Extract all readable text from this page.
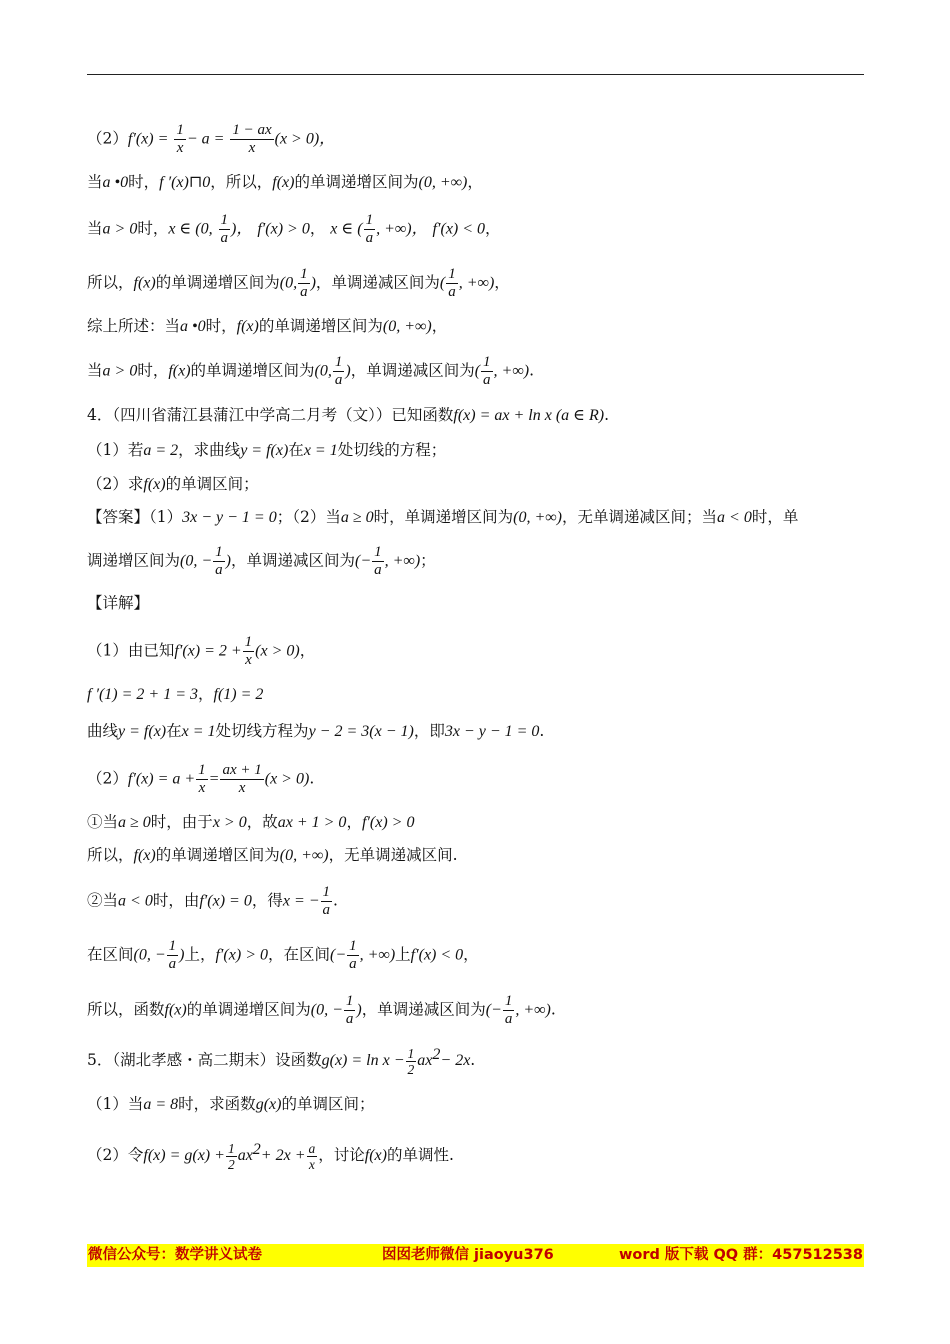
$(2)f'(x) = \frac{1}{x} - a = \frac{1 - ax}{x} (x > 0)$，
当a •0时，f ′(x)⊓0，所以，f(x)的单调递增区间为(0, +∞)，
当a > 0时，x ∈ (0, $\frac{1}{a}$ )， f′(x) > 0， x ∈ ( $\frac{1}{a}$ , +∞)， f′(x) < 0，
所以，f(x)的单调递增区间为(0, $\frac{1}{a}$ )，单调递减区间为( $\frac{1}{a}$ , +∞)，
综上所述：当a •0时，f(x)的单调递增区间为(0, +∞)，
当a > 0时，f(x)的单调递增区间为(0, $\frac{1}{a}$ )，单调递减区间为( $\frac{1}{a}$ , +∞).
4．（四川省蒲江县蒲江中学高二月考（文））已知函数f(x) = ax + ln x (a ∈ R).
（1）若a = 2，求曲线y = f(x)在x = 1处切线的方程；
（2）求f(x)的单调区间；
【答案】（1）3x − y − 1 = 0；（2）当a ≥ 0时，单调递增区间为(0, +∞)，无单调递减区间；当a < 0时，单
调递增区间为(0, − $\frac{1}{a}$ )，单调递减区间为(− $\frac{1}{a}$ , +∞)；
【详解】
（1）由已知$f'(x) = 2 + \frac{1}{x} (x > 0)$，
f ′(1) = 2 + 1 = 3，f(1) = 2
曲线y = f(x)在x = 1处切线方程为y − 2 = 3(x − 1)，即3x − y − 1 = 0.
$(2)f'(x) = a + \frac{1}{x} = \frac{ax + 1}{x} (x > 0)$.
①当a ≥ 0时，由于x > 0，故ax + 1 > 0，f′(x) > 0
所以，f(x)的单调递增区间为(0, +∞)，无单调递减区间.
②当a < 0时，由f′(x) = 0，得x = − $\frac{1}{a}$ .
在区间(0, − $\frac{1}{a}$ )上，f′(x) > 0，在区间(− $\frac{1}{a}$ , +∞)上f′(x) < 0，
所以，函数f(x)的单调递增区间为(0, − $\frac{1}{a}$ )，单调递减区间为(− $\frac{1}{a}$ , +∞).
5．（湖北孝感・高二期末）设函数$g(x) = \ln x - \frac{1}{2} ax^2- 2x$.
（1）当a = 8时，求函数g(x)的单调区间；
（2）令$f(x) = g(x) + \frac{1}{2} ax^2+ 2x + \frac{a}{x}$ ，讨论f(x)的单调性.
微信公众号：数学讲义试卷	囡囡老师微信 jiaoyu376	word 版下载 QQ 群：457512538
